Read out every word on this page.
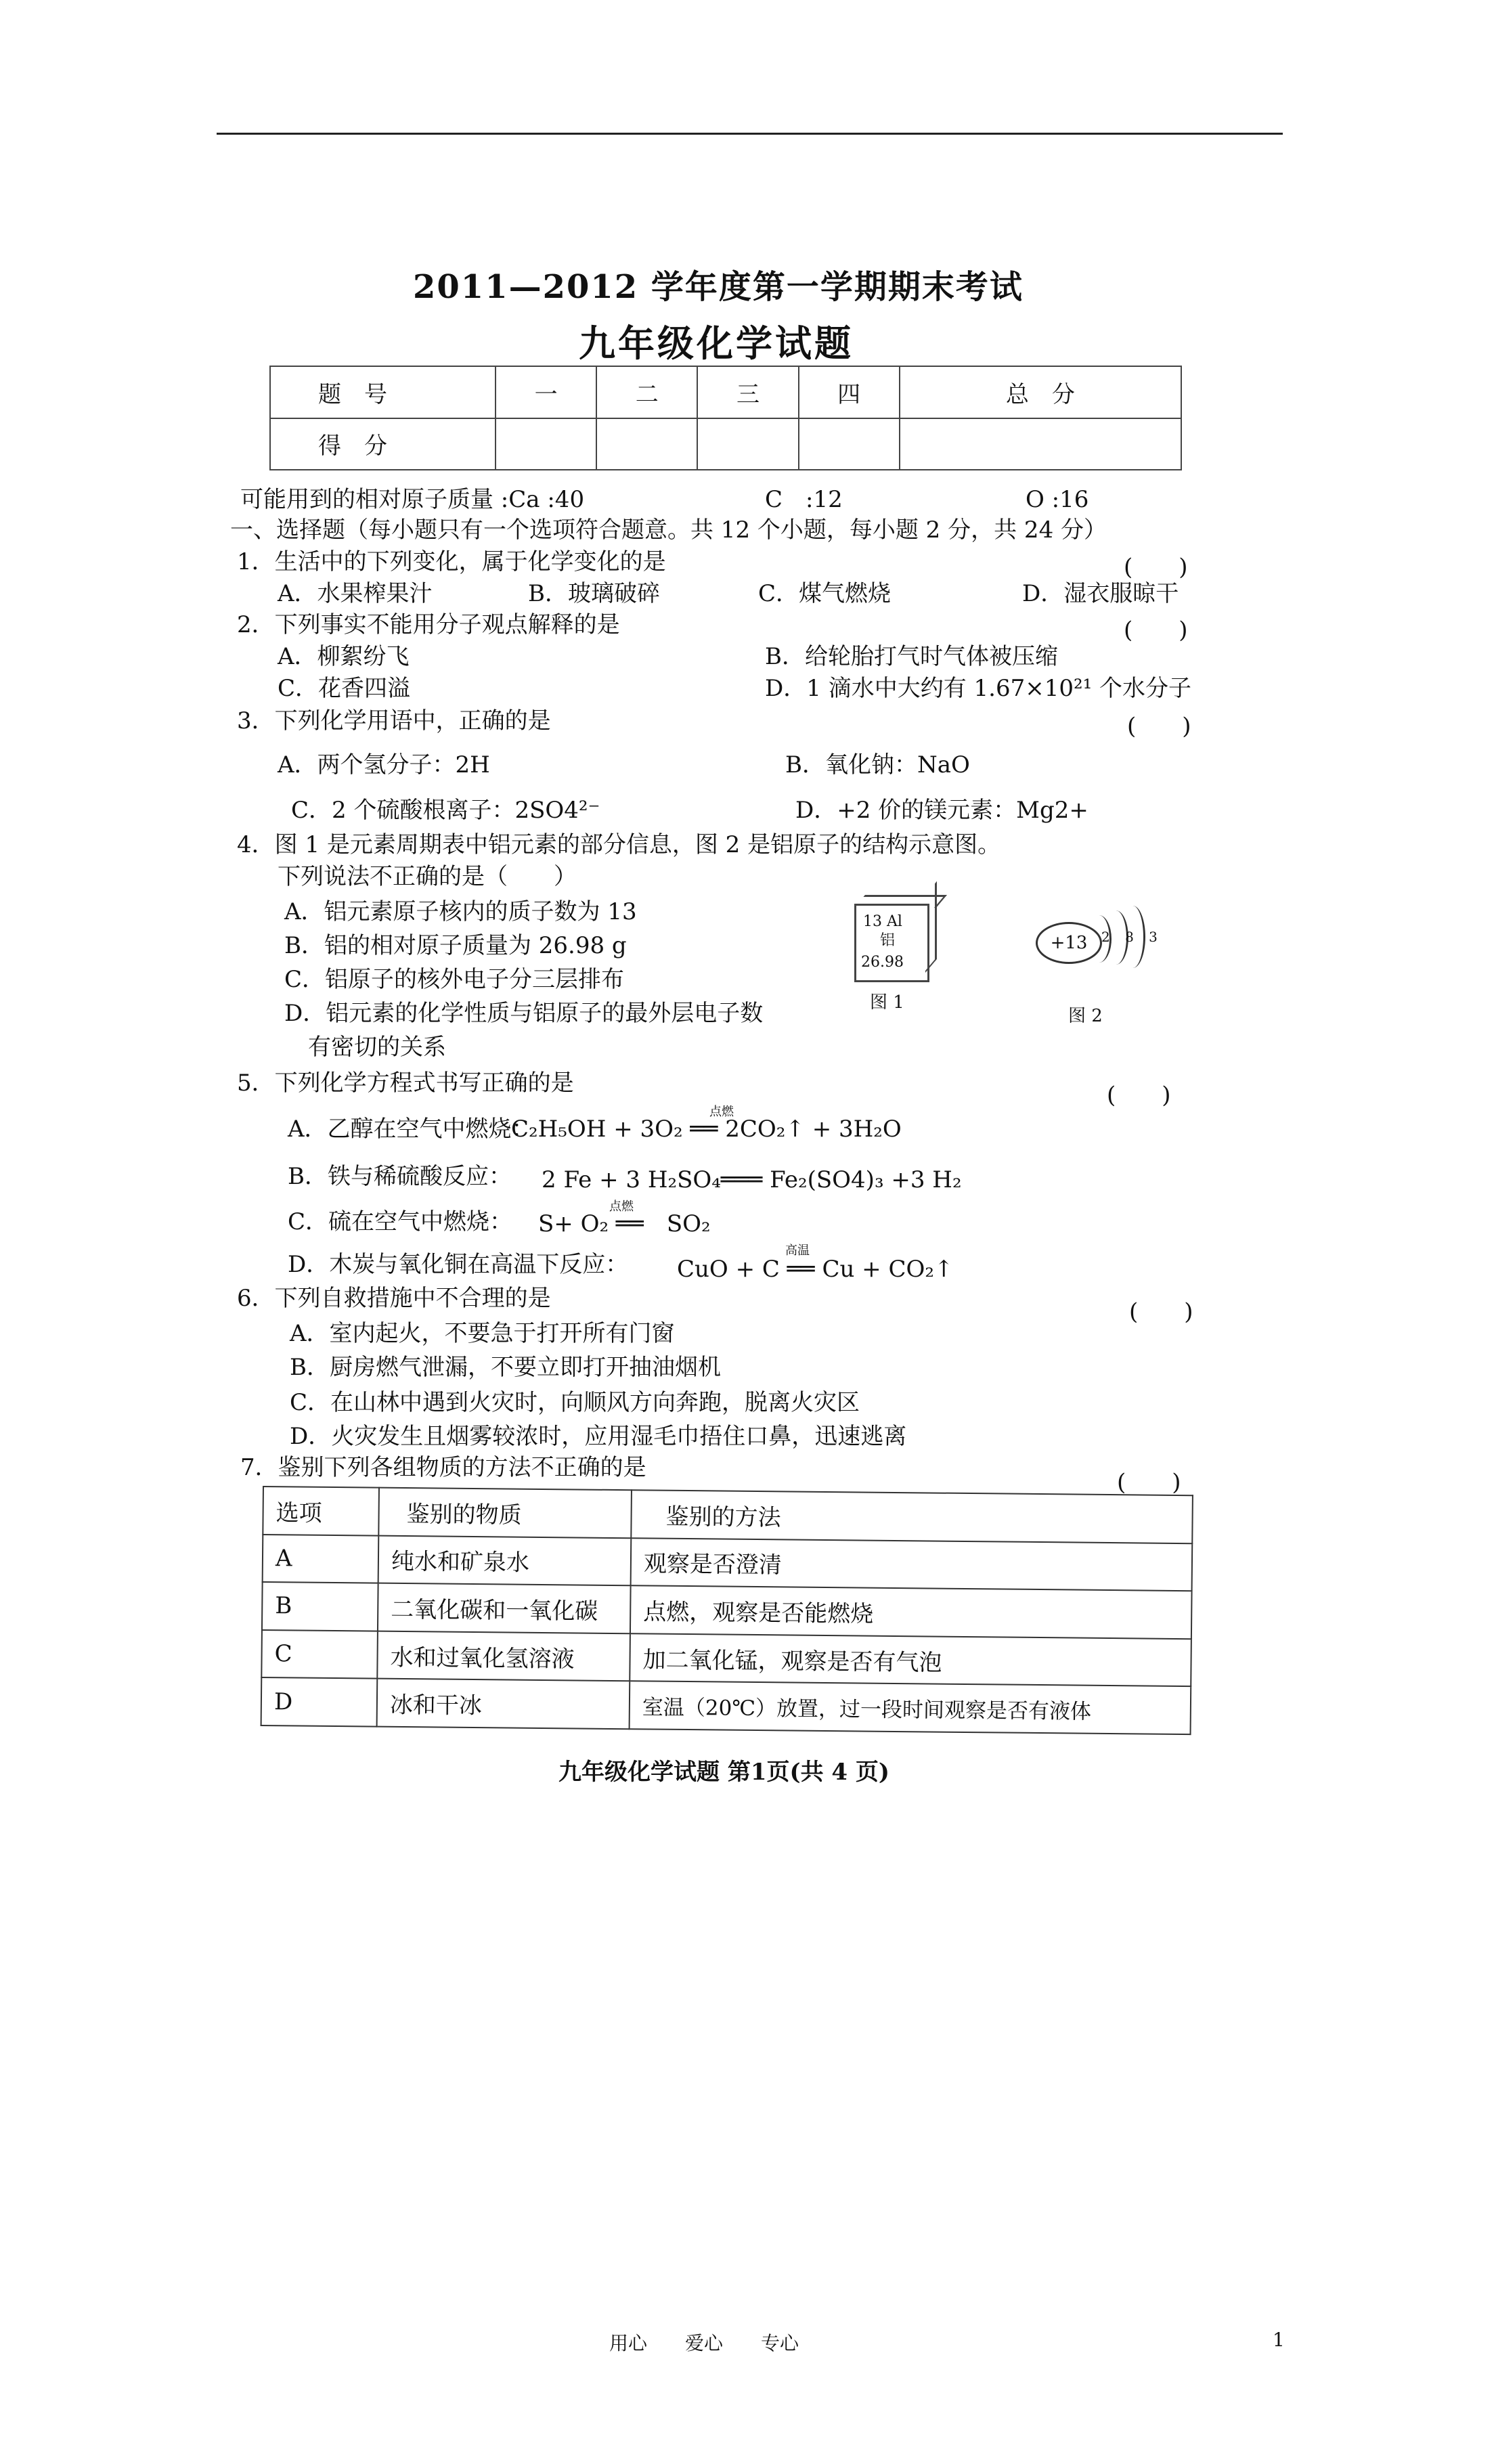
2011—2012 学年度第一学期期末考试
九年级化学试题
题　号	一	二	三	四	总　分
得　分					
可能用到的相对原子质量 :Ca :40	C　:12	O :16
一、选择题（每小题只有一个选项符合题意。共 12 个小题，每小题 2 分，共 24 分）
1．生活中的下列变化，属于化学变化的是	(　　)
A．水果榨果汁	B．玻璃破碎	C．煤气燃烧	D．湿衣服晾干
2．下列事实不能用分子观点解释的是	(　　)
A．柳絮纷飞	B．给轮胎打气时气体被压缩
C．花香四溢	D．1 滴水中大约有 1.67×10²¹ 个水分子
3．下列化学用语中，正确的是	(　　)
A．两个氢分子：2H	B．氧化钠：NaO
C．2 个硫酸根离子：2SO4²⁻	D．+2 价的镁元素：Mg2+
4．图 1 是元素周期表中铝元素的部分信息，图 2 是铝原子的结构示意图。
下列说法不正确的是（　　）
A．铝元素原子核内的质子数为 13
B．铝的相对原子质量为 26.98 g
C．铝原子的核外电子分三层排布
D．铝元素的化学性质与铝原子的最外层电子数
有密切的关系
13 Al
铝
26.98
图 1
+13	2 8 3
图 2
5．下列化学方程式书写正确的是	(　　)
A．乙醇在空气中燃烧：
C₂H₅OH + 3O₂ ══ 2CO₂↑ + 3H₂O
点燃
B．铁与稀硫酸反应： 2 Fe + 3 H₂SO₄═══ Fe₂(SO4)₃ +3 H₂
C．硫在空气中燃烧： S+ O₂ ══　SO₂
点燃
D．木炭与氧化铜在高温下反应： CuO + C ══ Cu + CO₂↑
高温
6．下列自救措施中不合理的是	(　　)
A．室内起火，不要急于打开所有门窗
B．厨房燃气泄漏，不要立即打开抽油烟机
C．在山林中遇到火灾时，向顺风方向奔跑，脱离火灾区
D．火灾发生且烟雾较浓时，应用湿毛巾捂住口鼻，迅速逃离
7．鉴别下列各组物质的方法不正确的是
(　　)
选项	鉴别的物质	鉴别的方法
A	纯水和矿泉水	观察是否澄清
B	二氧化碳和一氧化碳	点燃，观察是否能燃烧
C	水和过氧化氢溶液	加二氧化锰，观察是否有气泡
D	冰和干冰	室温（20℃）放置，过一段时间观察是否有液体
九年级化学试题 第1页(共 4 页)
用心　　爱心　　专心	1
